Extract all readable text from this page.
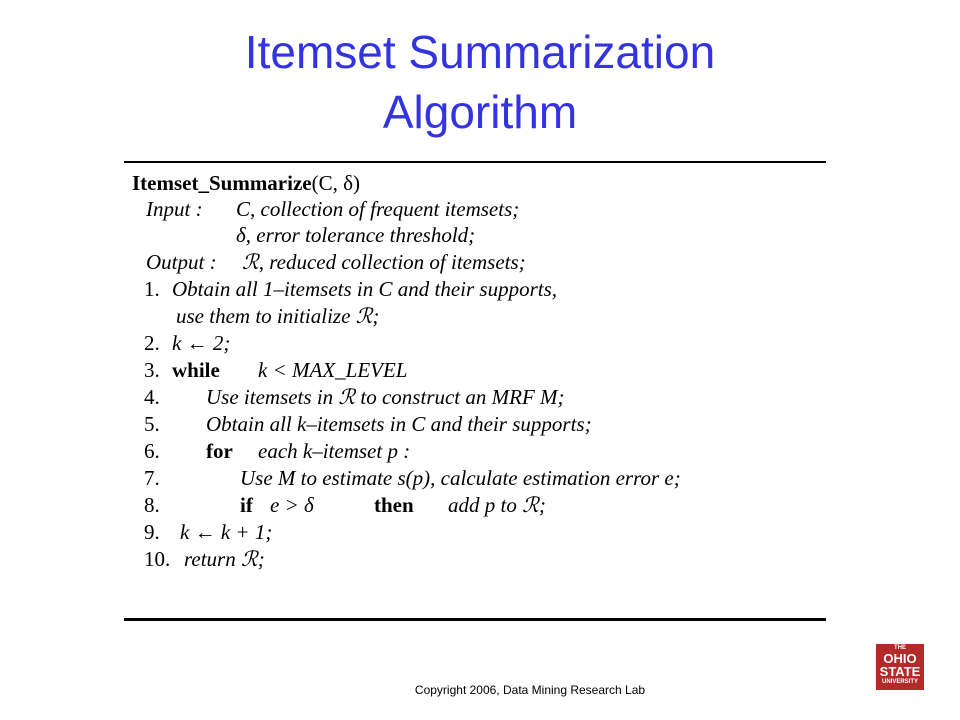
Itemset Summarization
Algorithm
Itemset_Summarize(C, δ)
Input : C, collection of frequent itemsets;
δ, error tolerance threshold;
Output : ℛ, reduced collection of itemsets;
1. Obtain all 1–itemsets in C and their supports,
use them to initialize ℛ;
2. k ← 2;
3. while k < MAX_LEVEL
4. Use itemsets in ℛ to construct an MRF M;
5. Obtain all k–itemsets in C and their supports;
6. for each k–itemset p :
7.	Use M to estimate s(p), calculate estimation error e;
8.	if e > δ	then add p to ℛ;
9. k ← k + 1;
10. return ℛ;
Copyright 2006, Data Mining Research Lab
THE
OHIO
STATE
UNIVERSITY
